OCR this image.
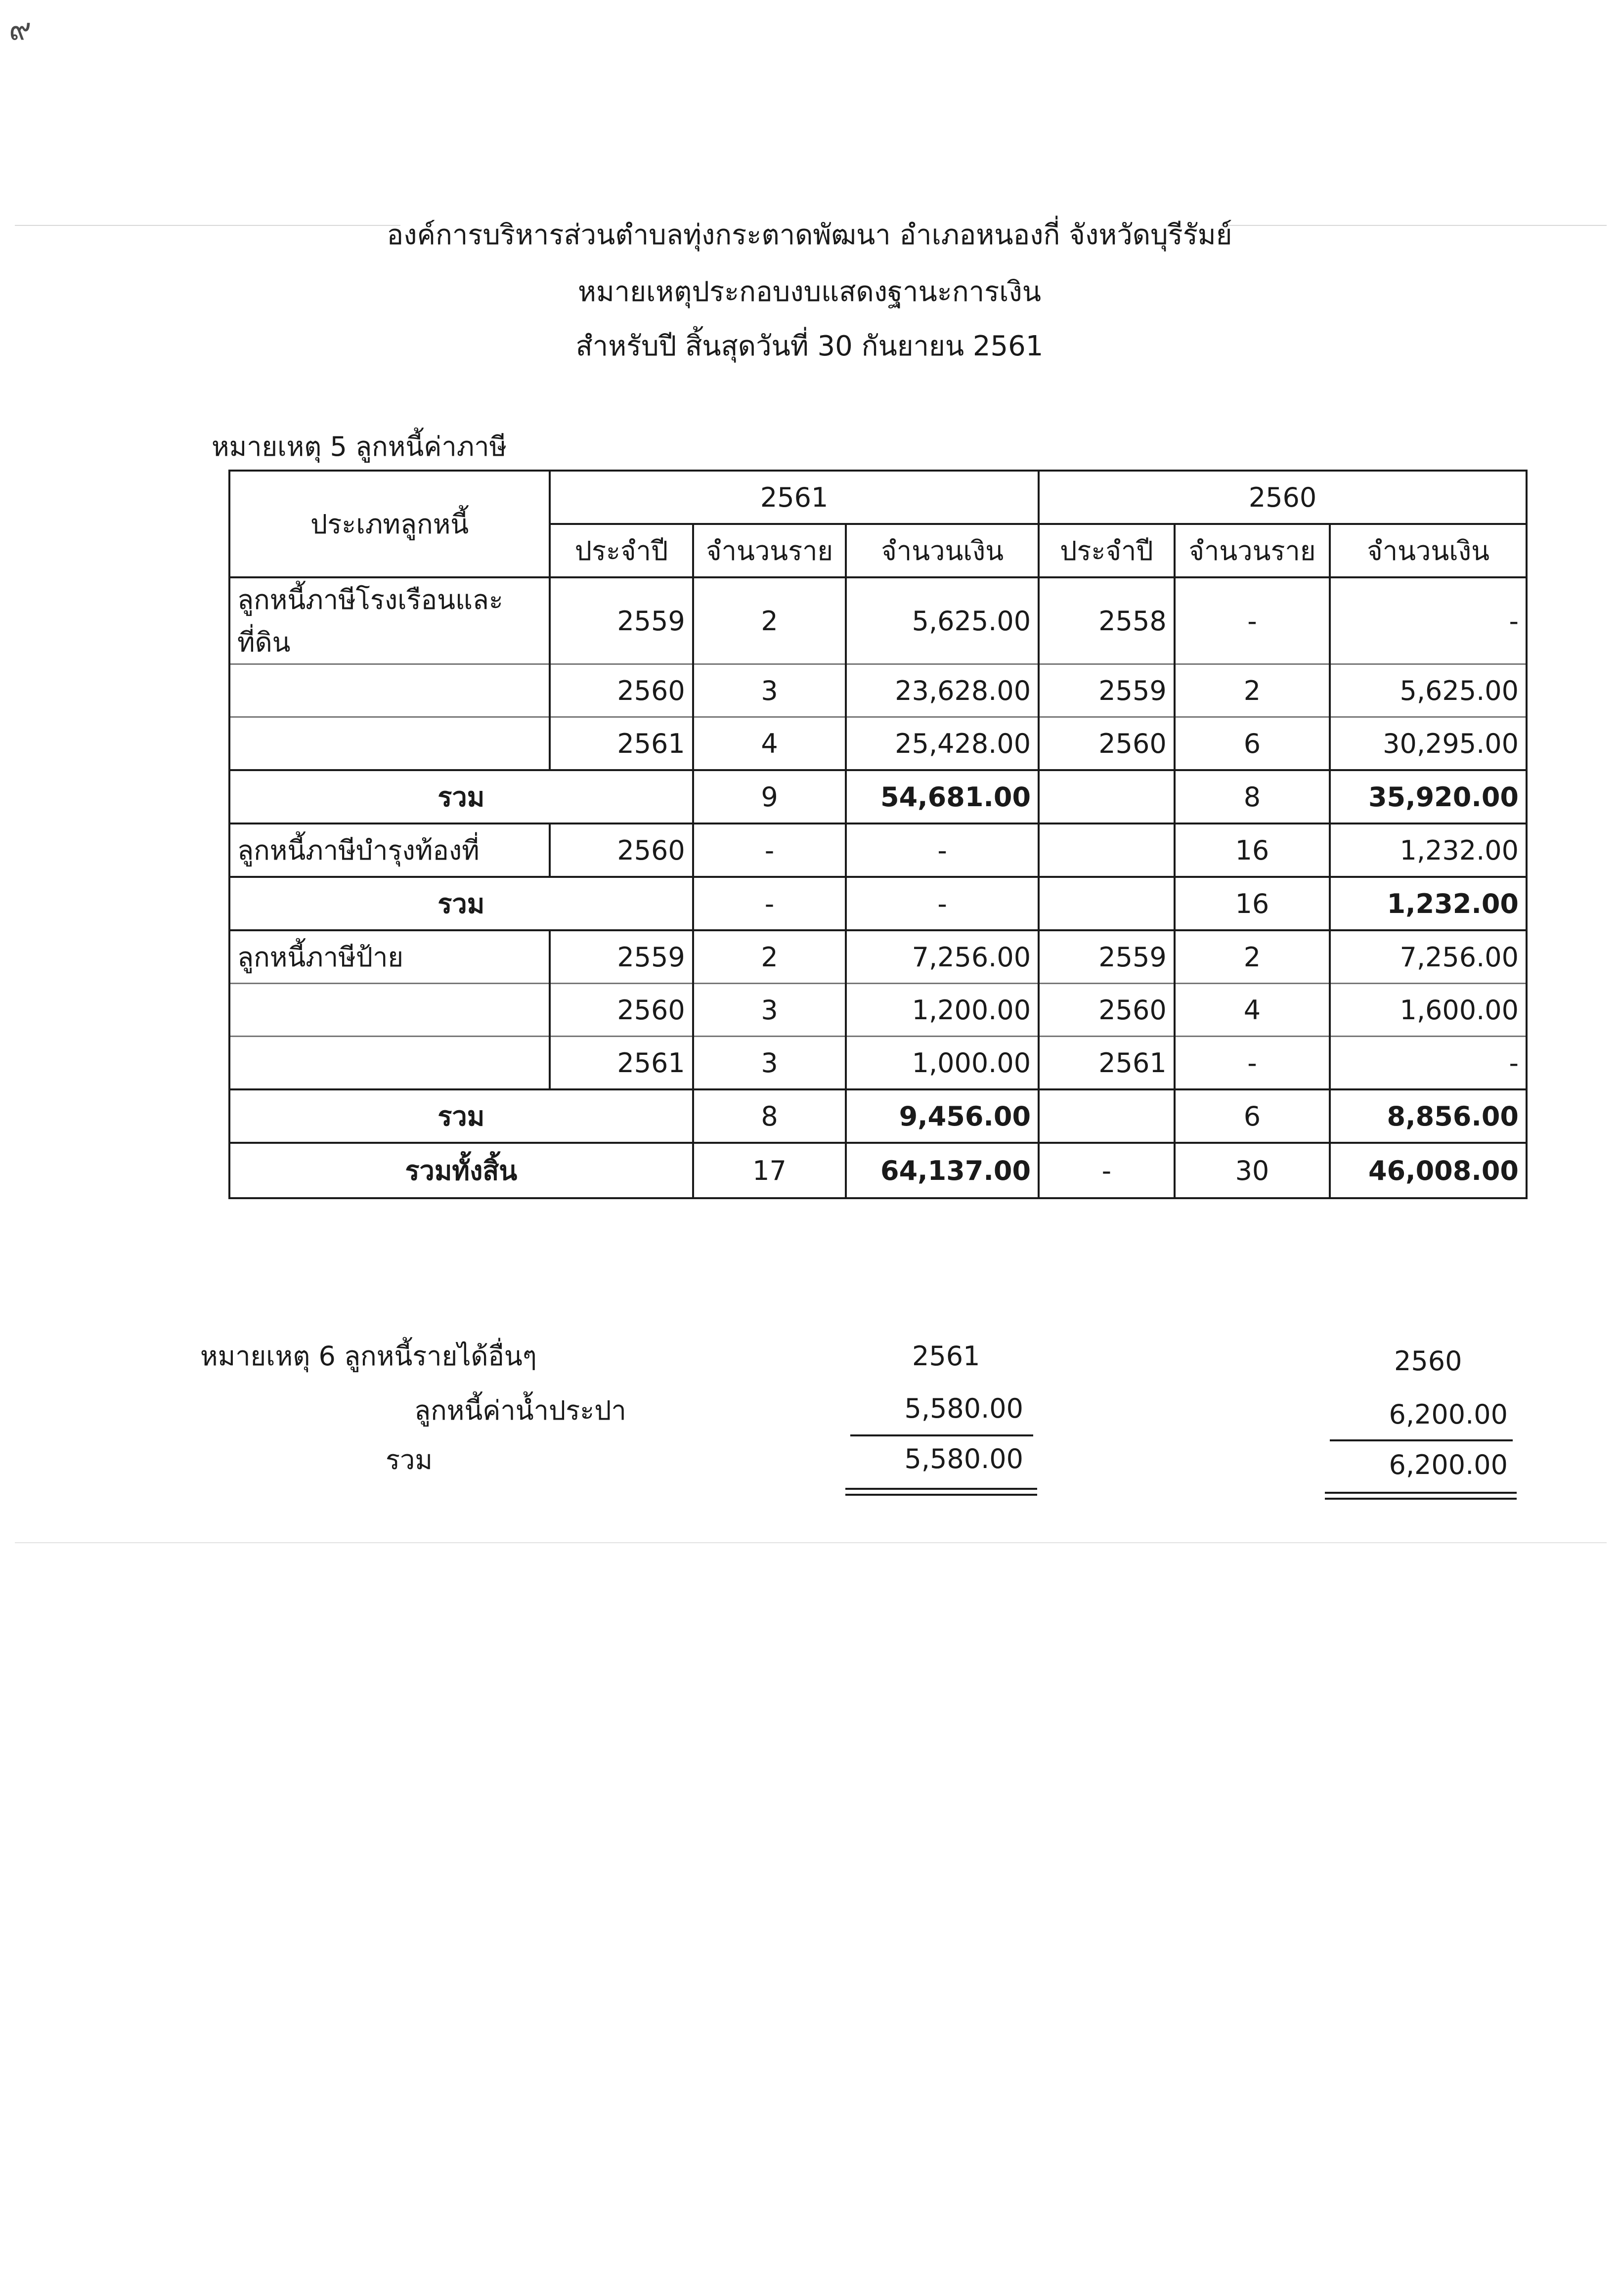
๙
องค์การบริหารส่วนตำบลทุ่งกระตาดพัฒนา อำเภอหนองกี่ จังหวัดบุรีรัมย์
หมายเหตุประกอบงบแสดงฐานะการเงิน
สำหรับปี สิ้นสุดวันที่ 30 กันยายน 2561
หมายเหตุ 5 ลูกหนี้ค่าภาษี
ประเภทลูกหนี้	2561			2560		
	ประจำปี	จำนวนราย	จำนวนเงิน	ประจำปี	จำนวนราย	จำนวนเงิน
ลูกหนี้ภาษีโรงเรือนและที่ดิน	2559	2	5,625.00	2558	-	-
	2560	3	23,628.00	2559	2	5,625.00
	2561	4	25,428.00	2560	6	30,295.00
รวม		9	54,681.00		8	35,920.00
ลูกหนี้ภาษีบำรุงท้องที่	2560	-	-		16	1,232.00
รวม		-	-		16	1,232.00
ลูกหนี้ภาษีป้าย	2559	2	7,256.00	2559	2	7,256.00
	2560	3	1,200.00	2560	4	1,600.00
	2561	3	1,000.00	2561	-	-
รวม		8	9,456.00		6	8,856.00
รวมทั้งสิ้น		17	64,137.00	-	30	46,008.00
หมายเหตุ 6 ลูกหนี้รายได้อื่นๆ	2561	2560
ลูกหนี้ค่าน้ำประปา	5,580.00	6,200.00
รวม	5,580.00	6,200.00
